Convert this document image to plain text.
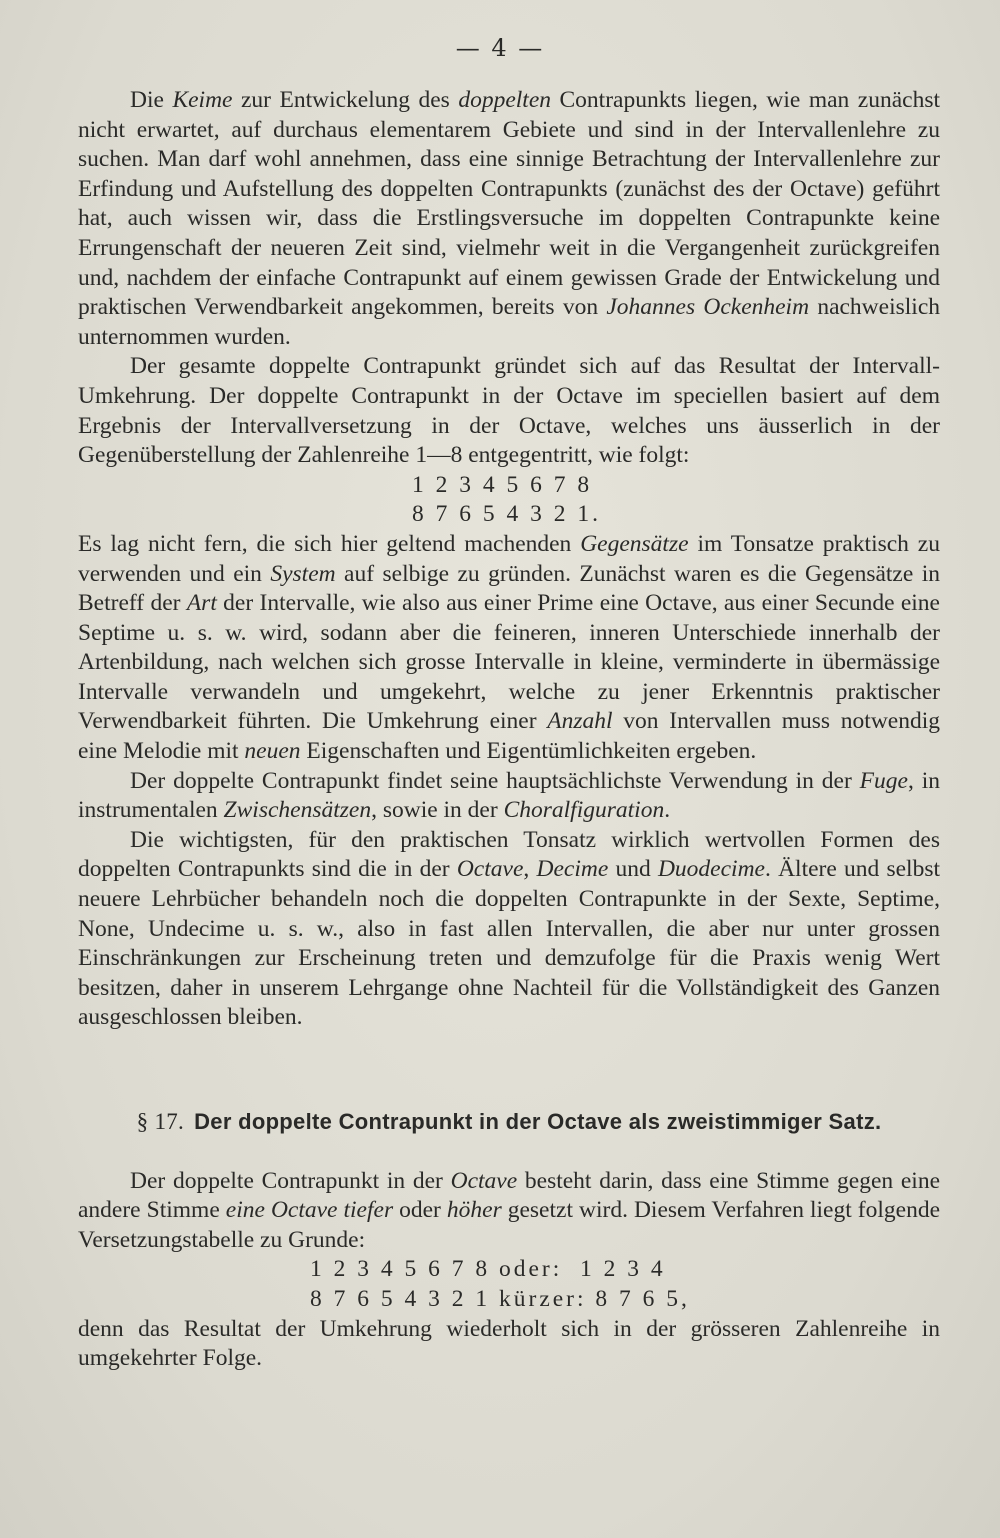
— 4 —

Die Keime zur Entwickelung des doppelten Contrapunkts liegen, wie man zunächst nicht erwartet, auf durchaus elementarem Gebiete und sind in der Intervallenlehre zu suchen. Man darf wohl annehmen, dass eine sinnige Betrachtung der Intervallenlehre zur Erfindung und Aufstellung des doppelten Contrapunkts (zunächst des der Octave) geführt hat, auch wissen wir, dass die Erstlingsversuche im doppelten Contrapunkte keine Errungenschaft der neueren Zeit sind, vielmehr weit in die Vergangenheit zurückgreifen und, nachdem der einfache Contrapunkt auf einem gewissen Grade der Entwickelung und praktischen Verwendbarkeit angekommen, bereits von Johannes Ockenheim nachweislich unternommen wurden.

Der gesamte doppelte Contrapunkt gründet sich auf das Resultat der Intervall-Umkehrung. Der doppelte Contrapunkt in der Octave im speciellen basiert auf dem Ergebnis der Intervallversetzung in der Octave, welches uns äusserlich in der Gegenüberstellung der Zahlenreihe 1—8 entgegentritt, wie folgt:

1 2 3 4 5 6 7 8
8 7 6 5 4 3 2 1.

Es lag nicht fern, die sich hier geltend machenden Gegensätze im Tonsatze praktisch zu verwenden und ein System auf selbige zu gründen. Zunächst waren es die Gegensätze in Betreff der Art der Intervalle, wie also aus einer Prime eine Octave, aus einer Secunde eine Septime u. s. w. wird, sodann aber die feineren, inneren Unterschiede innerhalb der Artenbildung, nach welchen sich grosse Intervalle in kleine, verminderte in übermässige Intervalle verwandeln und umgekehrt, welche zu jener Erkenntnis praktischer Verwendbarkeit führten. Die Umkehrung einer Anzahl von Intervallen muss notwendig eine Melodie mit neuen Eigenschaften und Eigentümlichkeiten ergeben.

Der doppelte Contrapunkt findet seine hauptsächlichste Verwendung in der Fuge, in instrumentalen Zwischensätzen, sowie in der Choralfiguration.

Die wichtigsten, für den praktischen Tonsatz wirklich wertvollen Formen des doppelten Contrapunkts sind die in der Octave, Decime und Duodecime. Ältere und selbst neuere Lehrbücher behandeln noch die doppelten Contrapunkte in der Sexte, Septime, None, Undecime u. s. w., also in fast allen Intervallen, die aber nur unter grossen Einschränkungen zur Erscheinung treten und demzufolge für die Praxis wenig Wert besitzen, daher in unserem Lehrgange ohne Nachteil für die Vollständigkeit des Ganzen ausgeschlossen bleiben.

§ 17. Der doppelte Contrapunkt in der Octave als zweistimmiger Satz.

Der doppelte Contrapunkt in der Octave besteht darin, dass eine Stimme gegen eine andere Stimme eine Octave tiefer oder höher gesetzt wird. Diesem Verfahren liegt folgende Versetzungstabelle zu Grunde:

1 2 3 4 5 6 7 8 oder:  1 2 3 4
8 7 6 5 4 3 2 1 kürzer: 8 7 6 5,

denn das Resultat der Umkehrung wiederholt sich in der grösseren Zahlenreihe in umgekehrter Folge.
